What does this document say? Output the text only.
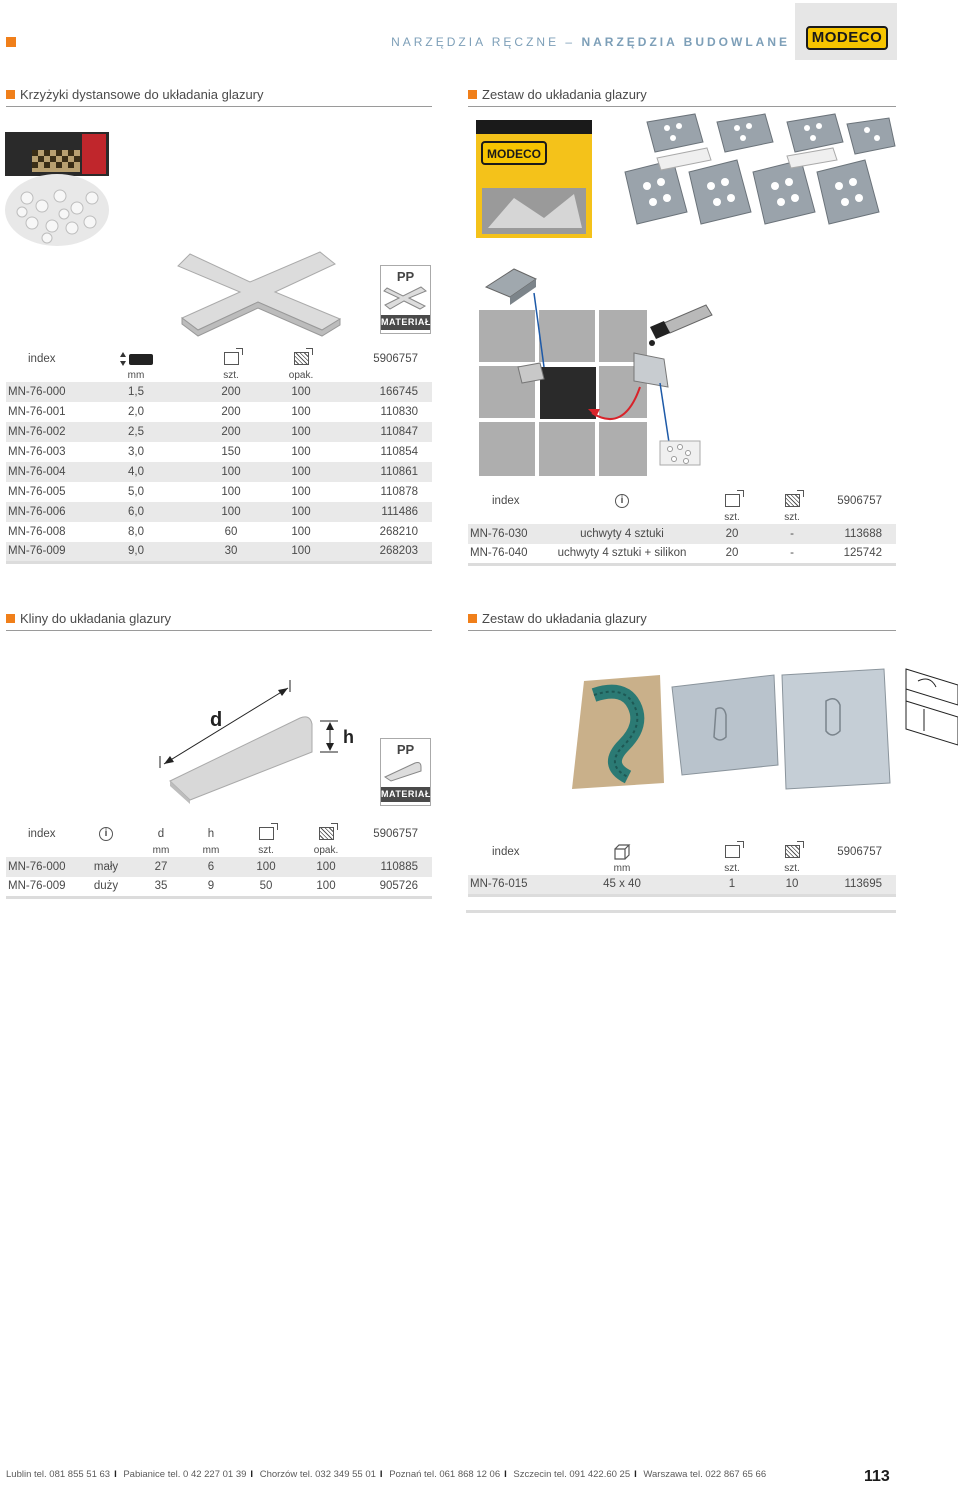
NARZĘDZIA RĘCZNE – NARZĘDZIA BUDOWLANE	MODECO
Krzyżyki dystansowe do układania glazury
PP
MATERIAŁ
index				5906757
	mm	szt.	opak.	
MN-76-000	1,5	200	100	166745
MN-76-001	2,0	200	100	110830
MN-76-002	2,5	200	100	110847
MN-76-003	3,0	150	100	110854
MN-76-004	4,0	100	100	110861
MN-76-005	5,0	100	100	110878
MN-76-006	6,0	100	100	111486
MN-76-008	8,0	60	100	268210
MN-76-009	9,0	30	100	268203
Zestaw do układania glazury
MODECO
index	i			5906757
		szt.	szt.	
MN-76-030	uchwyty 4 sztuki	20	-	113688
MN-76-040	uchwyty 4 sztuki + silikon	20	-	125742
Kliny do układania glazury
d
h
PP
MATERIAŁ
index	i	d	h			5906757
		mm	mm	szt.	opak.	
MN-76-000	mały	27	6	100	100	110885
MN-76-009	duży	35	9	50	100	905726
Zestaw do układania glazury
index				5906757
	mm	szt.	szt.	
MN-76-015	45 x 40	1	10	113695
Lublin tel. 081 855 51 63 I Pabianice tel. 0 42 227 01 39 I Chorzów tel. 032 349 55 01 I Poznań tel. 061 868 12 06 I Szczecin tel. 091 422.60 25 I Warszawa tel. 022 867 65 66	113
